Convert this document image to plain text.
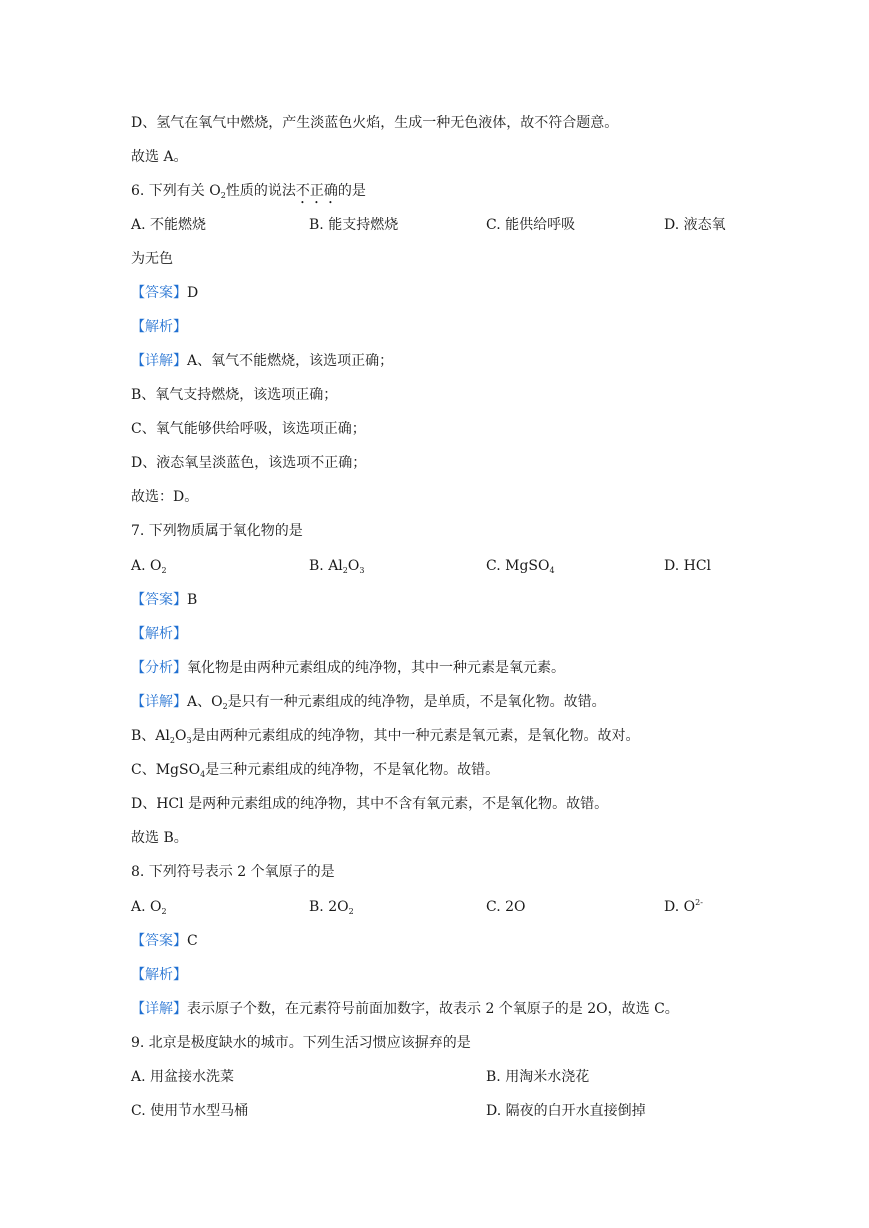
D、氢气在氧气中燃烧，产生淡蓝色火焰，生成一种无色液体，故不符合题意。
故选 A。
6. 下列有关 $O_2$性质的说法不正确的是
A. 不能燃烧	B. 能支持燃烧	C. 能供给呼吸	D. 液态氧
为无色
【答案】D
【解析】
【详解】A、氧气不能燃烧，该选项正确；
B、氧气支持燃烧，该选项正确；
C、氧气能够供给呼吸，该选项正确；
D、液态氧呈淡蓝色，该选项不正确；
故选：D。
7. 下列物质属于氧化物的是
A. $O_2$	B. $Al_2O_3$	C. MgSO$_4$	D. HCl
【答案】B
【解析】
【分析】氧化物是由两种元素组成的纯净物，其中一种元素是氧元素。
【详解】A、$O_2$是只有一种元素组成的纯净物，是单质，不是氧化物。故错。
B、$Al_2O_3$是由两种元素组成的纯净物，其中一种元素是氧元素，是氧化物。故对。
C、MgSO$_4$是三种元素组成的纯净物，不是氧化物。故错。
D、HCl 是两种元素组成的纯净物，其中不含有氧元素，不是氧化物。故错。
故选 B。
8. 下列符号表示 2 个氧原子的是
A. $O_2$	B. $2O_2$	C. 2O	D. $O^{2-}$
【答案】C
【解析】
【详解】表示原子个数，在元素符号前面加数字，故表示 2 个氧原子的是 2O，故选 C。
9. 北京是极度缺水的城市。下列生活习惯应该摒弃的是
A. 用盆接水洗菜	B. 用淘米水浇花
C. 使用节水型马桶	D. 隔夜的白开水直接倒掉
